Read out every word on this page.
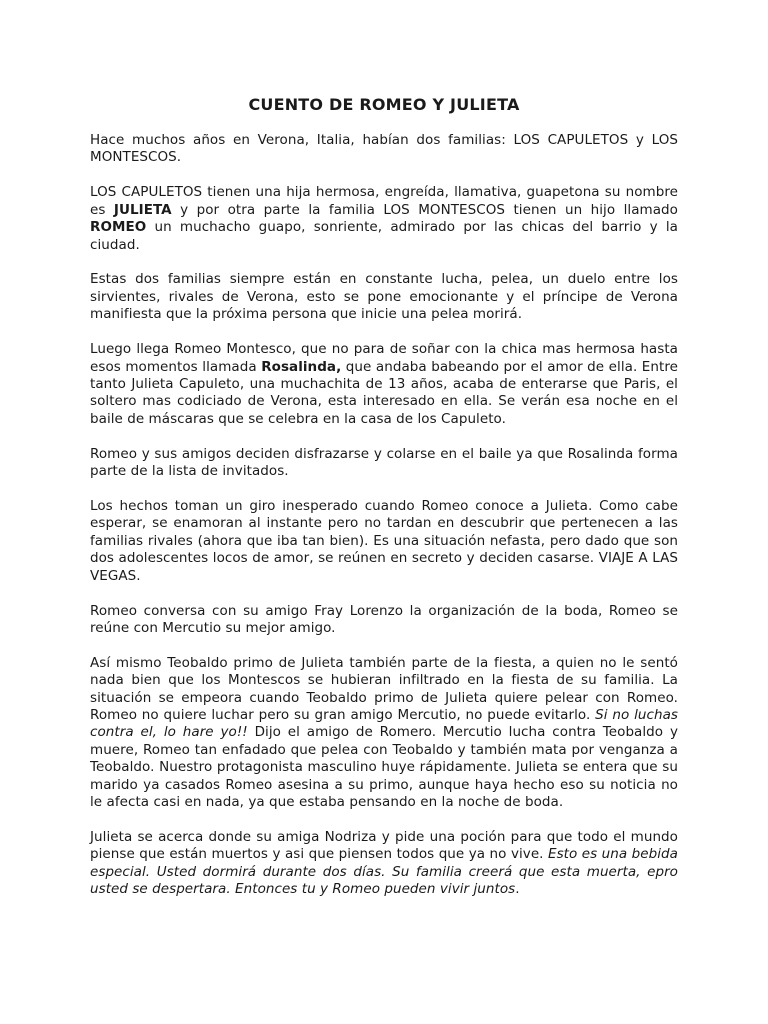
CUENTO DE ROMEO Y JULIETA

Hace muchos años en Verona, Italia, habían dos familias: LOS CAPULETOS y LOS MONTESCOS.

LOS CAPULETOS tienen una hija hermosa, engreída, llamativa, guapetona su nombre es JULIETA y por otra parte la familia LOS MONTESCOS tienen un hijo llamado ROMEO un muchacho guapo, sonriente, admirado por las chicas del barrio y la ciudad.

Estas dos familias siempre están en constante lucha, pelea, un duelo entre los sirvientes, rivales de Verona, esto se pone emocionante y el príncipe de Verona manifiesta que la próxima persona que inicie una pelea morirá.

Luego llega Romeo Montesco, que no para de soñar con la chica mas hermosa hasta esos momentos llamada Rosalinda, que andaba babeando por el amor de ella. Entre tanto Julieta Capuleto, una muchachita de 13 años, acaba de enterarse que Paris, el soltero mas codiciado de Verona, esta interesado en ella. Se verán esa noche en el baile de máscaras que se celebra en la casa de los Capuleto.

Romeo y sus amigos deciden disfrazarse y colarse en el baile ya que Rosalinda forma parte de la lista de invitados.

Los hechos toman un giro inesperado cuando Romeo conoce a Julieta. Como cabe esperar, se enamoran al instante pero no tardan en descubrir que pertenecen a las familias rivales (ahora que iba tan bien). Es una situación nefasta, pero dado que son dos adolescentes locos de amor, se reúnen en secreto y deciden casarse. VIAJE A LAS VEGAS.

Romeo conversa con su amigo Fray Lorenzo la organización de la boda, Romeo se reúne con Mercutio su mejor amigo.

Así mismo Teobaldo primo de Julieta también parte de la fiesta, a quien no le sentó nada bien que los Montescos se hubieran infiltrado en la fiesta de su familia. La situación se empeora cuando Teobaldo primo de Julieta quiere pelear con Romeo. Romeo no quiere luchar pero su gran amigo Mercutio, no puede evitarlo. Si no luchas contra el, lo hare yo!! Dijo el amigo de Romero. Mercutio lucha contra Teobaldo y muere, Romeo tan enfadado que pelea con Teobaldo y también mata por venganza a Teobaldo. Nuestro protagonista masculino huye rápidamente. Julieta se entera que su marido ya casados Romeo asesina a su primo, aunque haya hecho eso su noticia no le afecta casi en nada, ya que estaba pensando en la noche de boda.

Julieta se acerca donde su amiga Nodriza y pide una poción para que todo el mundo piense que están muertos y asi que piensen todos que ya no vive. Esto es una bebida especial. Usted dormirá durante dos días. Su familia creerá que esta muerta, epro usted se despertara. Entonces tu y Romeo pueden vivir juntos.
